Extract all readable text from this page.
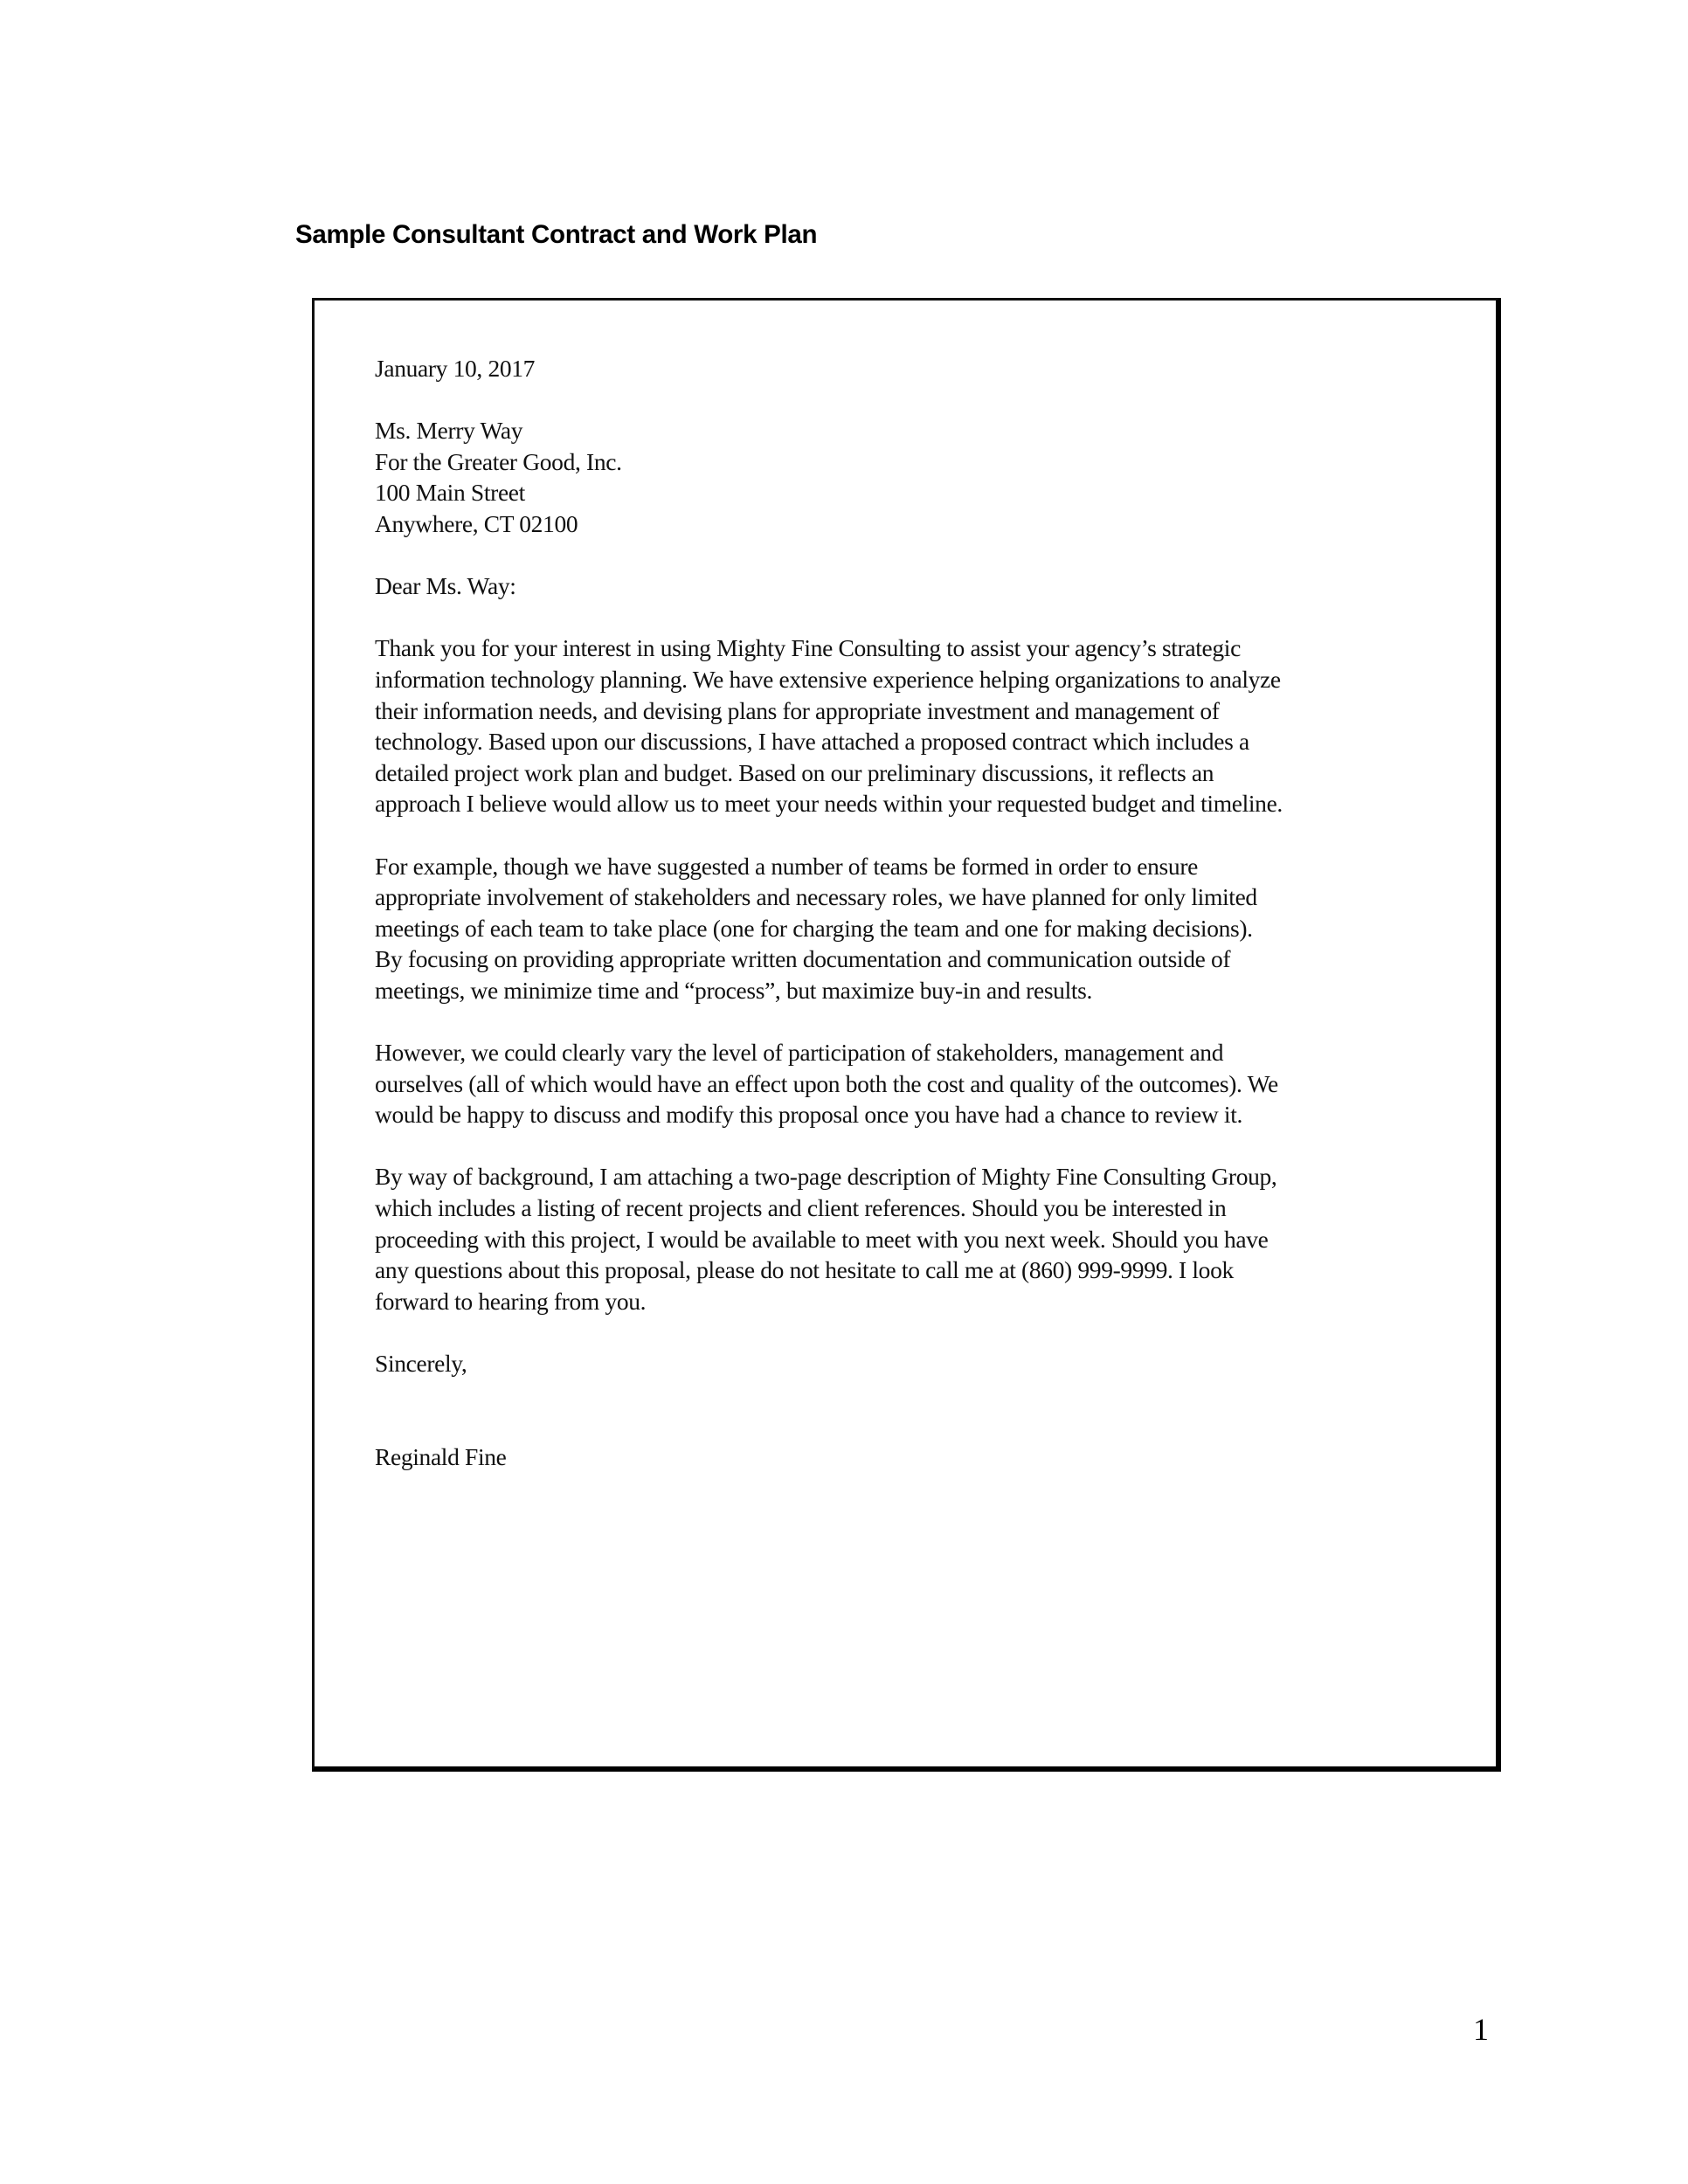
Sample Consultant Contract and Work Plan
January 10, 2017
Ms. Merry Way
For the Greater Good, Inc.
100 Main Street
Anywhere, CT 02100
Dear Ms. Way:
Thank you for your interest in using Mighty Fine Consulting to assist your agency’s strategic
information technology planning. We have extensive experience helping organizations to analyze
their information needs, and devising plans for appropriate investment and management of
technology. Based upon our discussions, I have attached a proposed contract which includes a
detailed project work plan and budget. Based on our preliminary discussions, it reflects an
approach I believe would allow us to meet your needs within your requested budget and timeline.
For example, though we have suggested a number of teams be formed in order to ensure
appropriate involvement of stakeholders and necessary roles, we have planned for only limited
meetings of each team to take place (one for charging the team and one for making decisions).
By focusing on providing appropriate written documentation and communication outside of
meetings, we minimize time and “process”, but maximize buy-in and results.
However, we could clearly vary the level of participation of stakeholders, management and
ourselves (all of which would have an effect upon both the cost and quality of the outcomes). We
would be happy to discuss and modify this proposal once you have had a chance to review it.
By way of background, I am attaching a two-page description of Mighty Fine Consulting Group,
which includes a listing of recent projects and client references. Should you be interested in
proceeding with this project, I would be available to meet with you next week. Should you have
any questions about this proposal, please do not hesitate to call me at (860) 999-9999. I look
forward to hearing from you.
Sincerely,
Reginald Fine
1
